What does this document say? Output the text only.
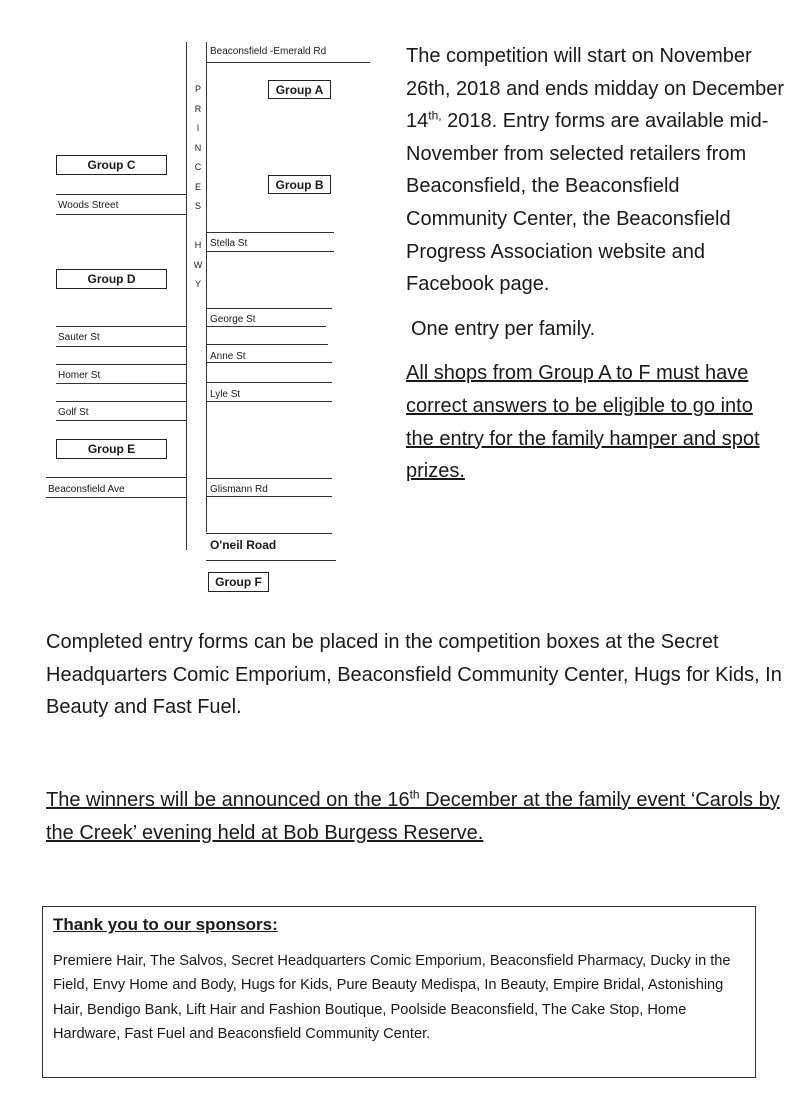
P
R
I
N
C
E
S
H
W
Y
Beaconsfield -Emerald Rd
Stella St
George St
Anne St
Lyle St
Glismann Rd
O'neil Road
Woods Street
Sauter St
Homer St
Golf St
Beaconsfield Ave
Group A
Group B
Group C
Group D
Group E
Group F

The competition will start on November 26th, 2018 and ends midday on December $14^{th,}$ 2018. Entry forms are available mid-November from selected retailers from Beaconsfield, the Beaconsfield Community Center, the Beaconsfield Progress Association website and Facebook page.

One entry per family.

All shops from Group A to F must have correct answers to be eligible to go into the entry for the family hamper and spot prizes.

Completed entry forms can be placed in the competition boxes at the Secret Headquarters Comic Emporium, Beaconsfield Community Center, Hugs for Kids, In Beauty and Fast Fuel.
The winners will be announced on the 16th December at the family event ‘Carols by the Creek’ evening held at Bob Burgess Reserve.

Thank you to our sponsors:

Premiere Hair, The Salvos, Secret Headquarters Comic Emporium, Beaconsfield Pharmacy, Ducky in the Field, Envy Home and Body, Hugs for Kids, Pure Beauty Medispa, In Beauty, Empire Bridal, Astonishing Hair, Bendigo Bank, Lift Hair and Fashion Boutique, Poolside Beaconsfield, The Cake Stop, Home Hardware, Fast Fuel and Beaconsfield Community Center.
